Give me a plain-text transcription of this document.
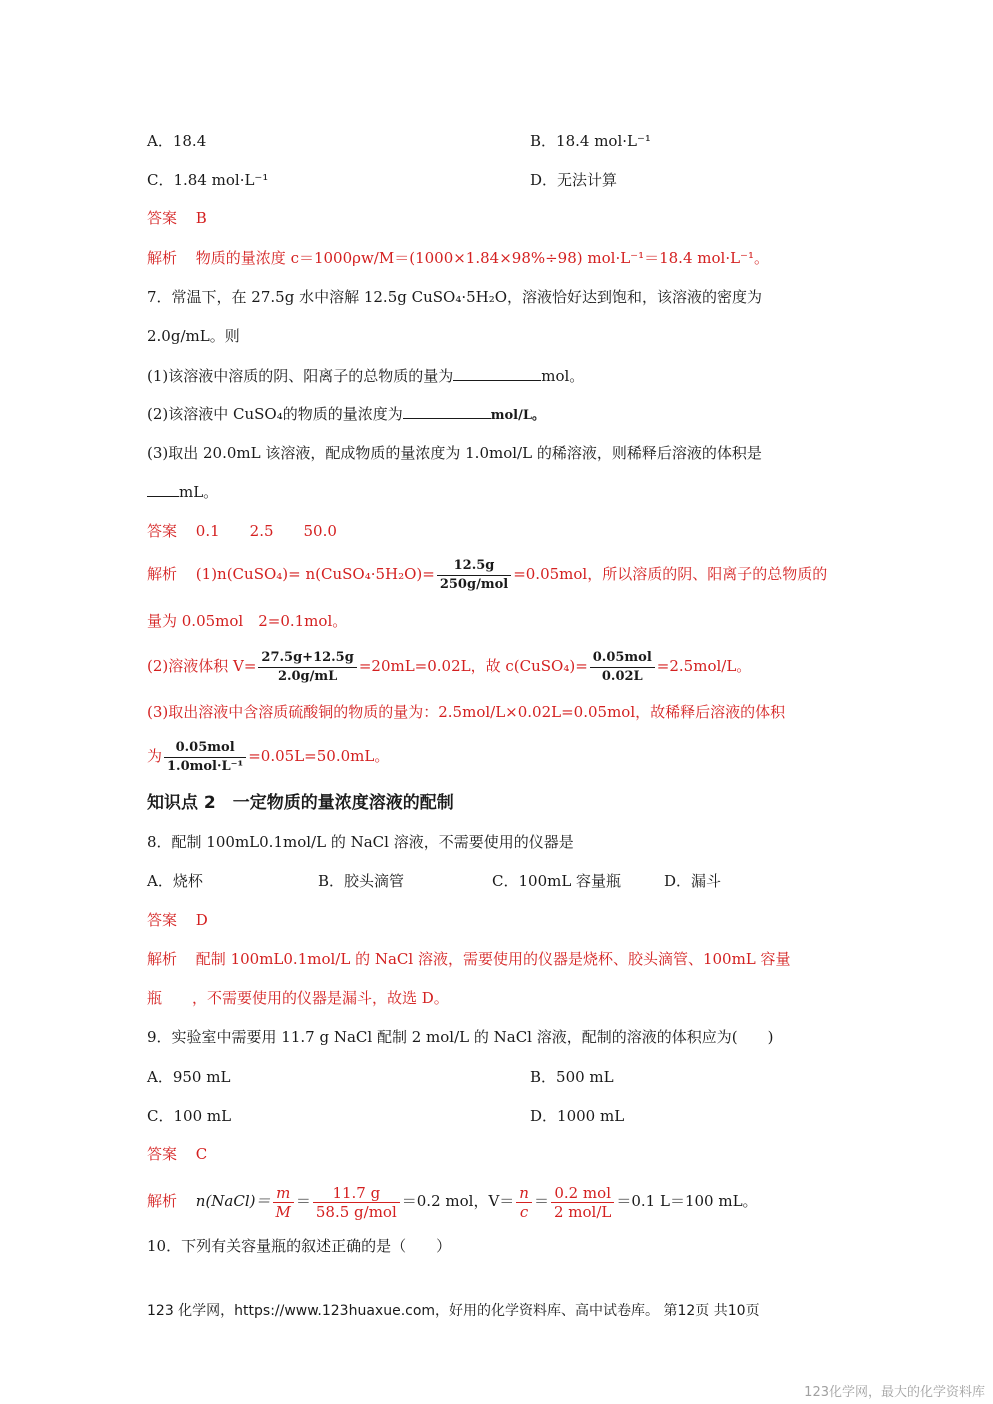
A．18.4	B．18.4 mol·L⁻¹
C．1.84 mol·L⁻¹	D．无法计算
答案 B
解析 物质的量浓度 c＝1000ρw/M＝(1000×1.84×98%÷98) mol·L⁻¹＝18.4 mol·L⁻¹。
7．常温下，在 27.5g 水中溶解 12.5g CuSO₄·5H₂O，溶液恰好达到饱和，该溶液的密度为
2.0g/mL。则
(1)该溶液中溶质的阴、阳离子的总物质的量为	mol。
(2)该溶液中 CuSO₄的物质的量浓度为	mol/L。
(3)取出 20.0mL 该溶液，配成物质的量浓度为 1.0mol/L 的稀溶液，则稀释后溶液的体积是
mL。
答案 0.1　　2.5　　50.0
解析 (1)n(CuSO₄)= n(CuSO₄·5H₂O)= $\frac{12.5g}{\text{250g/mol}} =0.05mol$，所以溶质的阴、阳离子的总物质的
量为 0.05mol　2=0.1mol。
(2)溶液体积 $V= \frac{27.5g+12.5g}{2.0g/mL} =20mL=0.02L$，故 c(CuSO₄)= $\frac{\text{0.05mol}}{0.02L} =2.5mol/L$。
(3)取出溶液中含溶质硫酸铜的物质的量为：2.5mol/L×0.02L=0.05mol，故稀释后溶液的体积
为 $\frac{\text{0.05mol}}{\text{1.0mol·L⁻¹}} =0.05L=50.0mL$。
知识点 2　一定物质的量浓度溶液的配制
8．配制 100mL0.1mol/L 的 NaCl 溶液，不需要使用的仪器是
A．烧杯	B．胶头滴管	C．100mL 容量瓶	D．漏斗
答案 D
解析 配制 100mL0.1mol/L 的 NaCl 溶液，需要使用的仪器是烧杯、胶头滴管、100mL 容量
瓶　　，不需要使用的仪器是漏斗，故选 D。
9．实验室中需要用 11.7 g NaCl 配制 2 mol/L 的 NaCl 溶液，配制的溶液的体积应为(　　)
A．950 mL	B．500 mL
C．100 mL	D．1000 mL
答案 C
解析 n(NaCl)＝ $\frac{m}{M} = \frac{11.7 g}{\text{58.5 g/mol}} =0.2$ mol，$V= \frac{n}{c} = \frac{\text{0.2 mol}}{\text{2 mol/L}} =0.1$ L＝100 mL。
10．下列有关容量瓶的叙述正确的是（　　）
123 化学网，https://www.123huaxue.com，好用的化学资料库、高中试卷库。 第12页 共10页
123化学网，最大的化学资料库
